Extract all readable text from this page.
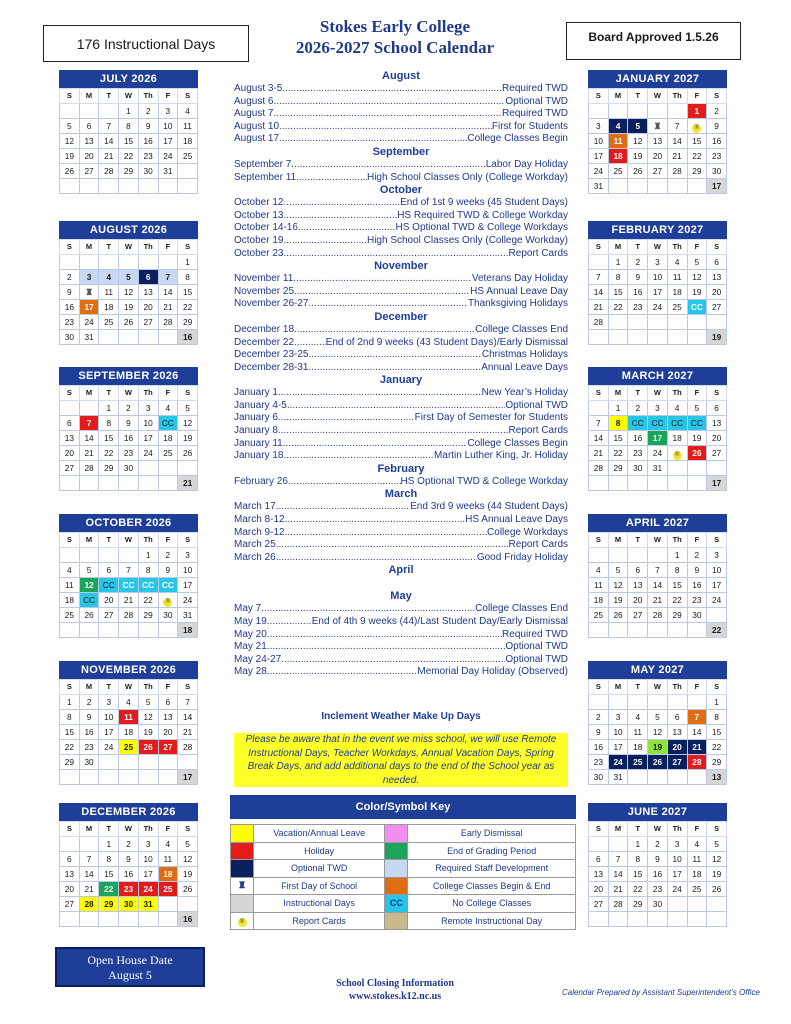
176 Instructional Days
Stokes Early College
2026-2027 School Calendar
Board Approved 1.5.26
JULY 2026
S	M	T	W	Th	F	S
			1	2	3	4
5	6	7	8	9	10	11
12	13	14	15	16	17	18
19	20	21	22	23	24	25
26	27	28	29	30	31	

AUGUST 2026
S	M	T	W	Th	F	S
						1
2	3	4	5	6	7	8
9	♜	11	12	13	14	15
16	17	18	19	20	21	22
23	24	25	26	27	28	29
30	31					16
SEPTEMBER 2026
S	M	T	W	Th	F	S
		1	2	3	4	5
6	7	8	9	10	CC	12
13	14	15	16	17	18	19
20	21	22	23	24	25	26
27	28	29	30			
						21
OCTOBER 2026
S	M	T	W	Th	F	S
				1	2	3
4	5	6	7	8	9	10
11	12	CC	CC	CC	CC	17
18	CC	20	21	22	®	24
25	26	27	28	29	30	31
						18
NOVEMBER 2026
S	M	T	W	Th	F	S
1	2	3	4	5	6	7
8	9	10	11	12	13	14
15	16	17	18	19	20	21
22	23	24	25	26	27	28
29	30					
						17
DECEMBER 2026
S	M	T	W	Th	F	S
		1	2	3	4	5
6	7	8	9	10	11	12
13	14	15	16	17	18	19
20	21	22	23	24	25	26
27	28	29	30	31		
						16
JANUARY 2027
S	M	T	W	Th	F	S
					1	2
3	4	5	♜	7	®	9
10	11	12	13	14	15	16
17	18	19	20	21	22	23
24	25	26	27	28	29	30
31						17
FEBRUARY 2027
S	M	T	W	Th	F	S
	1	2	3	4	5	6
7	8	9	10	11	12	13
14	15	16	17	18	19	20
21	22	23	24	25	CC	27
28						
						19
MARCH 2027
S	M	T	W	Th	F	S
	1	2	3	4	5	6
7	8	CC	CC	CC	CC	13
14	15	16	17	18	19	20
21	22	23	24	®	26	27
28	29	30	31			
						17
APRIL 2027
S	M	T	W	Th	F	S
				1	2	3
4	5	6	7	8	9	10
11	12	13	14	15	16	17
18	19	20	21	22	23	24
25	26	27	28	29	30	
						22
MAY 2027
S	M	T	W	Th	F	S
						1
2	3	4	5	6	7	8
9	10	11	12	13	14	15
16	17	18	19	20	21	22
23	24	25	26	27	28	29
30	31					13
JUNE 2027
S	M	T	W	Th	F	S
		1	2	3	4	5
6	7	8	9	10	11	12
13	14	15	16	17	18	19
20	21	22	23	24	25	26
27	28	29	30			

August
August 3-5 .....	Required TWD
August 6 .....	Optional TWD
August 7 .....	Required TWD
August 10 .....	First for Students
August 17 .....	College Classes Begin
September
September 7 .....	Labor Day Holiday
September 11 .....	High School Classes Only (College Workday)
October
October 12 .....	End of 1st 9 weeks (45 Student Days)
October 13 .....	HS Required TWD & College Workday
October 14-16 .....	HS Optional TWD & College Workdays
October 19 .....	High School Classes Only (College Workday)
October 23 .....	Report Cards
November
November 11 .....	Veterans Day Holiday
November 25 .....	HS Annual Leave Day
November 26-27 .....	Thanksgiving Holidays
December
December 18 .....	College Classes End
December 22 .....	End of 2nd 9 weeks (43 Student Days)/Early Dismissal
December 23-25 .....	Christmas Holidays
December 28-31 .....	Annual Leave Days
January
January 1 .....	New Year’s Holiday
January 4-5 .....	Optional TWD
January 6 .....	First Day of Semester for Students
January 8 .....	Report Cards
January 11 .....	College Classes Begin
January 18 .....	Martin Luther King, Jr. Holiday
February
February 26 .....	HS Optional TWD & College Workday
March
March 17 .....	End 3rd 9 weeks (44 Student Days)
March 8-12 .....	HS Annual Leave Days
March 9-12 .....	College Workdays
March 25 .....	Report Cards
March 26 .....	Good Friday Holiday
April
May
May 7 .....	College Classes End
May 19 .....	End of 4th 9 weeks (44)/Last Student Day/Early Dismissal
May 20 .....	Required TWD
May 21 .....	Optional TWD
May 24-27 .....	Optional TWD
May 28 .....	Memorial Day Holiday (Observed)
Inclement Weather Make Up Days
Please be aware that in the event we miss school, we will use Remote Instructional Days, Teacher Workdays, Annual Vacation Days, Spring Break Days, and add additional days to the end of the School year as needed.
Color/Symbol Key
	Vacation/Annual Leave		Early Dismissal
	Holiday		End of Grading Period
	Optional TWD		Required Staff Development
♜	First Day of School		College Classes Begin & End
	Instructional Days	CC	No College Classes
®	Report Cards		Remote Instructional Day
Open House Date
August 5
School Closing Information
www.stokes.k12.nc.us	Calendar Prepared by Assistant Superintendent’s Office
